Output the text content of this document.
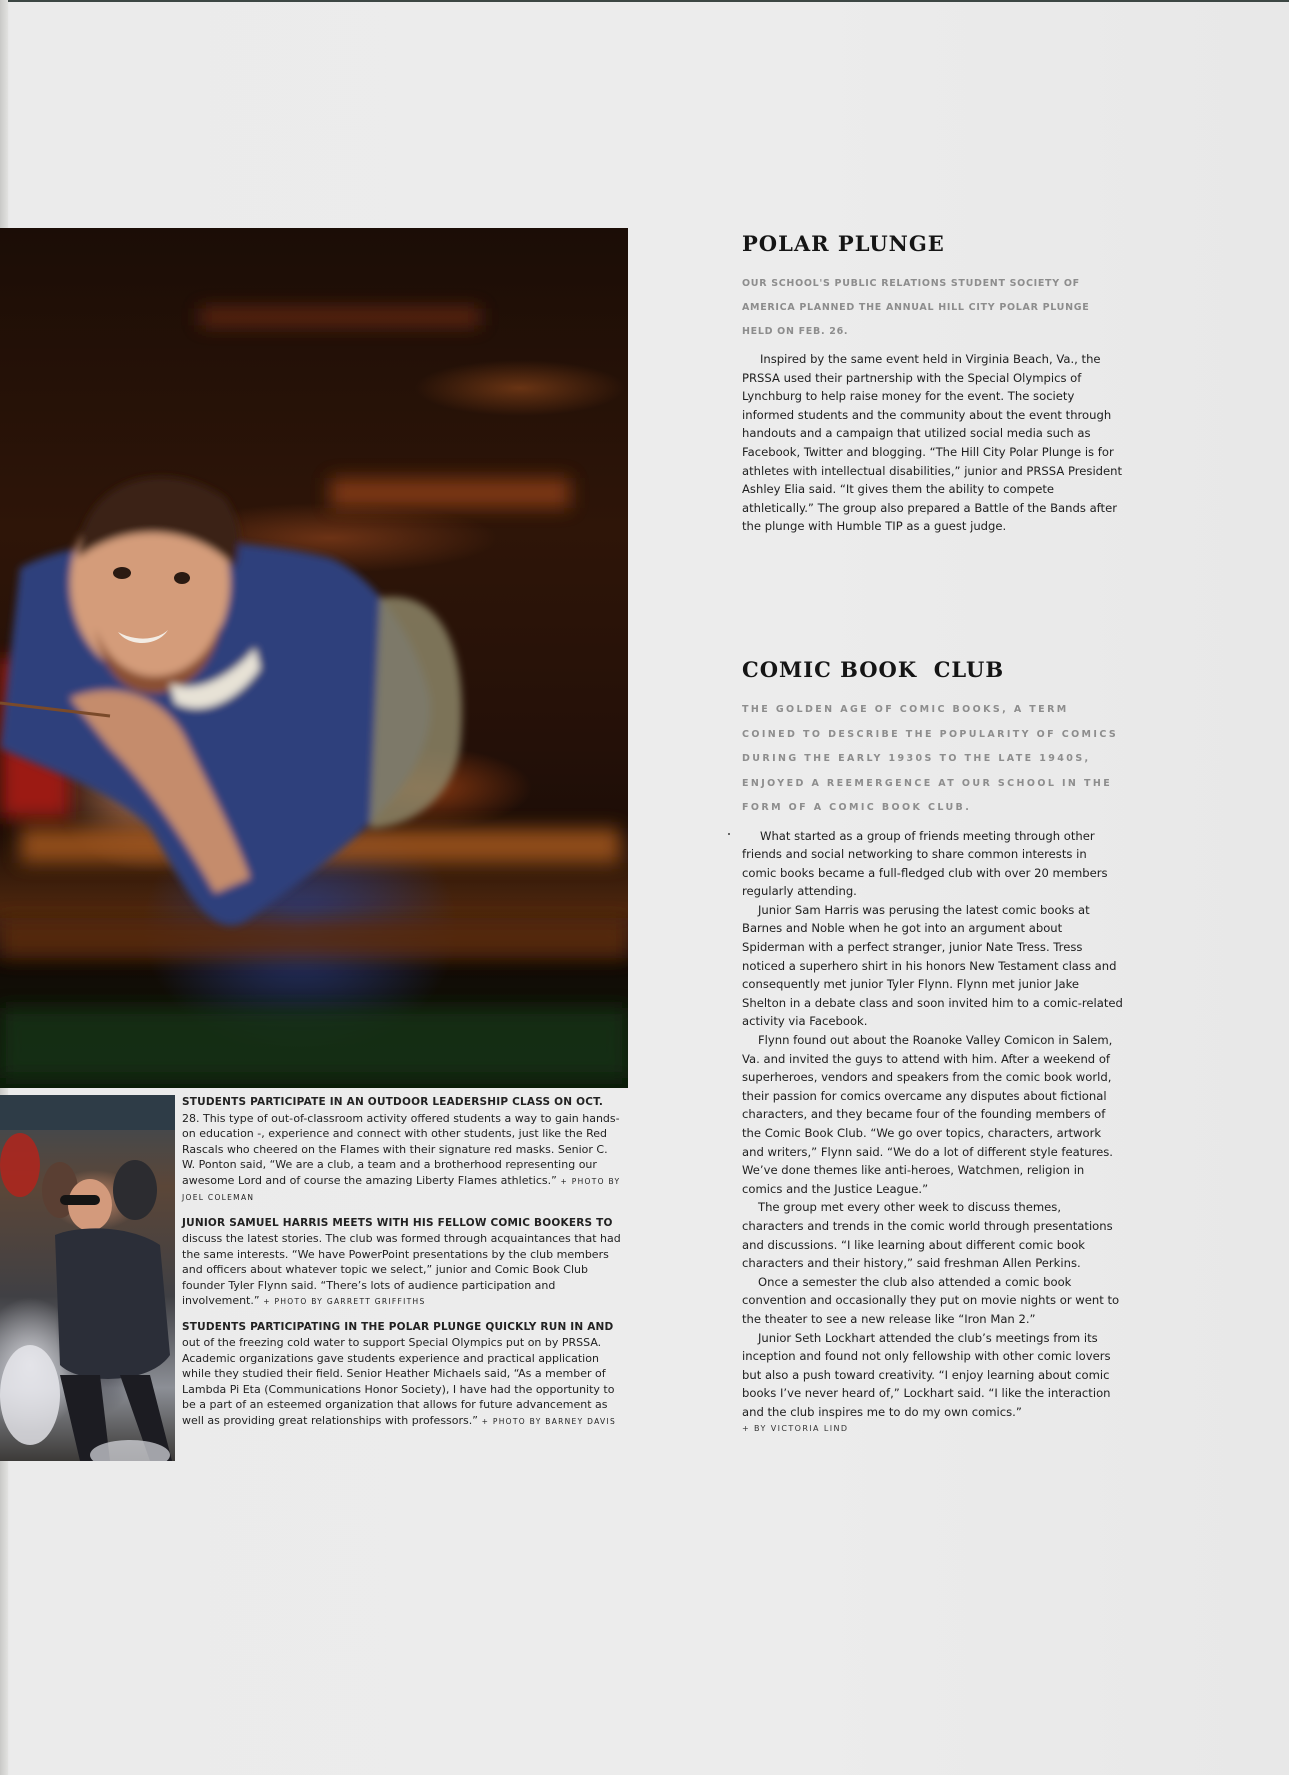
STUDENTS PARTICIPATE IN AN OUTDOOR LEADERSHIP CLASS ON OCT. 28. This type of out-of-classroom activity offered students a way to gain hands-on education -, experience and connect with other students, just like the Red Rascals who cheered on the Flames with their signature red masks. Senior C. W. Ponton said, “We are a club, a team and a brotherhood representing our awesome Lord and of course the amazing Liberty Flames athletics.” + PHOTO BY JOEL COLEMAN

JUNIOR SAMUEL HARRIS MEETS WITH HIS FELLOW COMIC BOOKERS TO discuss the latest stories. The club was formed through acquaintances that had the same interests. “We have PowerPoint presentations by the club members and officers about whatever topic we select,” junior and Comic Book Club founder Tyler Flynn said. “There’s lots of audience participation and involvement.” + PHOTO BY GARRETT GRIFFITHS

STUDENTS PARTICIPATING IN THE POLAR PLUNGE QUICKLY RUN IN AND out of the freezing cold water to support Special Olympics put on by PRSSA. Academic organizations gave students experience and practical application while they studied their field. Senior Heather Michaels said, “As a member of Lambda Pi Eta (Communications Honor Society), I have had the opportunity to be a part of an esteemed organization that allows for future advancement as well as providing great relationships with professors.” + PHOTO BY BARNEY DAVIS

POLAR PLUNGE
OUR SCHOOL'S PUBLIC RELATIONS STUDENT SOCIETY OF AMERICA PLANNED THE ANNUAL HILL CITY POLAR PLUNGE HELD ON FEB. 26.

Inspired by the same event held in Virginia Beach, Va., the PRSSA used their partnership with the Special Olympics of Lynchburg to help raise money for the event. The society informed students and the community about the event through handouts and a campaign that utilized social media such as Facebook, Twitter and blogging. “The Hill City Polar Plunge is for athletes with intellectual disabilities,” junior and PRSSA President Ashley Elia said. “It gives them the ability to compete athletically.” The group also prepared a Battle of the Bands after the plunge with Humble TIP as a guest judge.

COMIC BOOK  CLUB
THE GOLDEN AGE OF COMIC BOOKS, A TERM COINED TO DESCRIBE THE POPULARITY OF COMICS DURING THE EARLY 1930S TO THE LATE 1940S, ENJOYED A REEMERGENCE AT OUR SCHOOL IN THE FORM OF A COMIC BOOK CLUB.

What started as a group of friends meeting through other friends and social networking to share common interests in comic books became a full-fledged club with over 20 members regularly attending.

Junior Sam Harris was perusing the latest comic books at Barnes and Noble when he got into an argument about Spiderman with a perfect stranger, junior Nate Tress. Tress noticed a superhero shirt in his honors New Testament class and consequently met junior Tyler Flynn. Flynn met junior Jake Shelton in a debate class and soon invited him to a comic-related activity via Facebook.

Flynn found out about the Roanoke Valley Comicon in Salem, Va. and invited the guys to attend with him. After a weekend of superheroes, vendors and speakers from the comic book world, their passion for comics overcame any disputes about fictional characters, and they became four of the founding members of the Comic Book Club. “We go over topics, characters, artwork and writers,” Flynn said. “We do a lot of different style features. We’ve done themes like anti-heroes, Watchmen, religion in comics and the Justice League.”

The group met every other week to discuss themes, characters and trends in the comic world through presentations and discussions. “I like learning about different comic book characters and their history,” said freshman Allen Perkins.

Once a semester the club also attended a comic book convention and occasionally they put on movie nights or went to the theater to see a new release like “Iron Man 2.”

Junior Seth Lockhart attended the club’s meetings from its inception and found not only fellowship with other comic lovers but also a push toward creativity. “I enjoy learning about comic books I’ve never heard of,” Lockhart said. “I like the interaction and the club inspires me to do my own comics.”

+ BY VICTORIA LIND
